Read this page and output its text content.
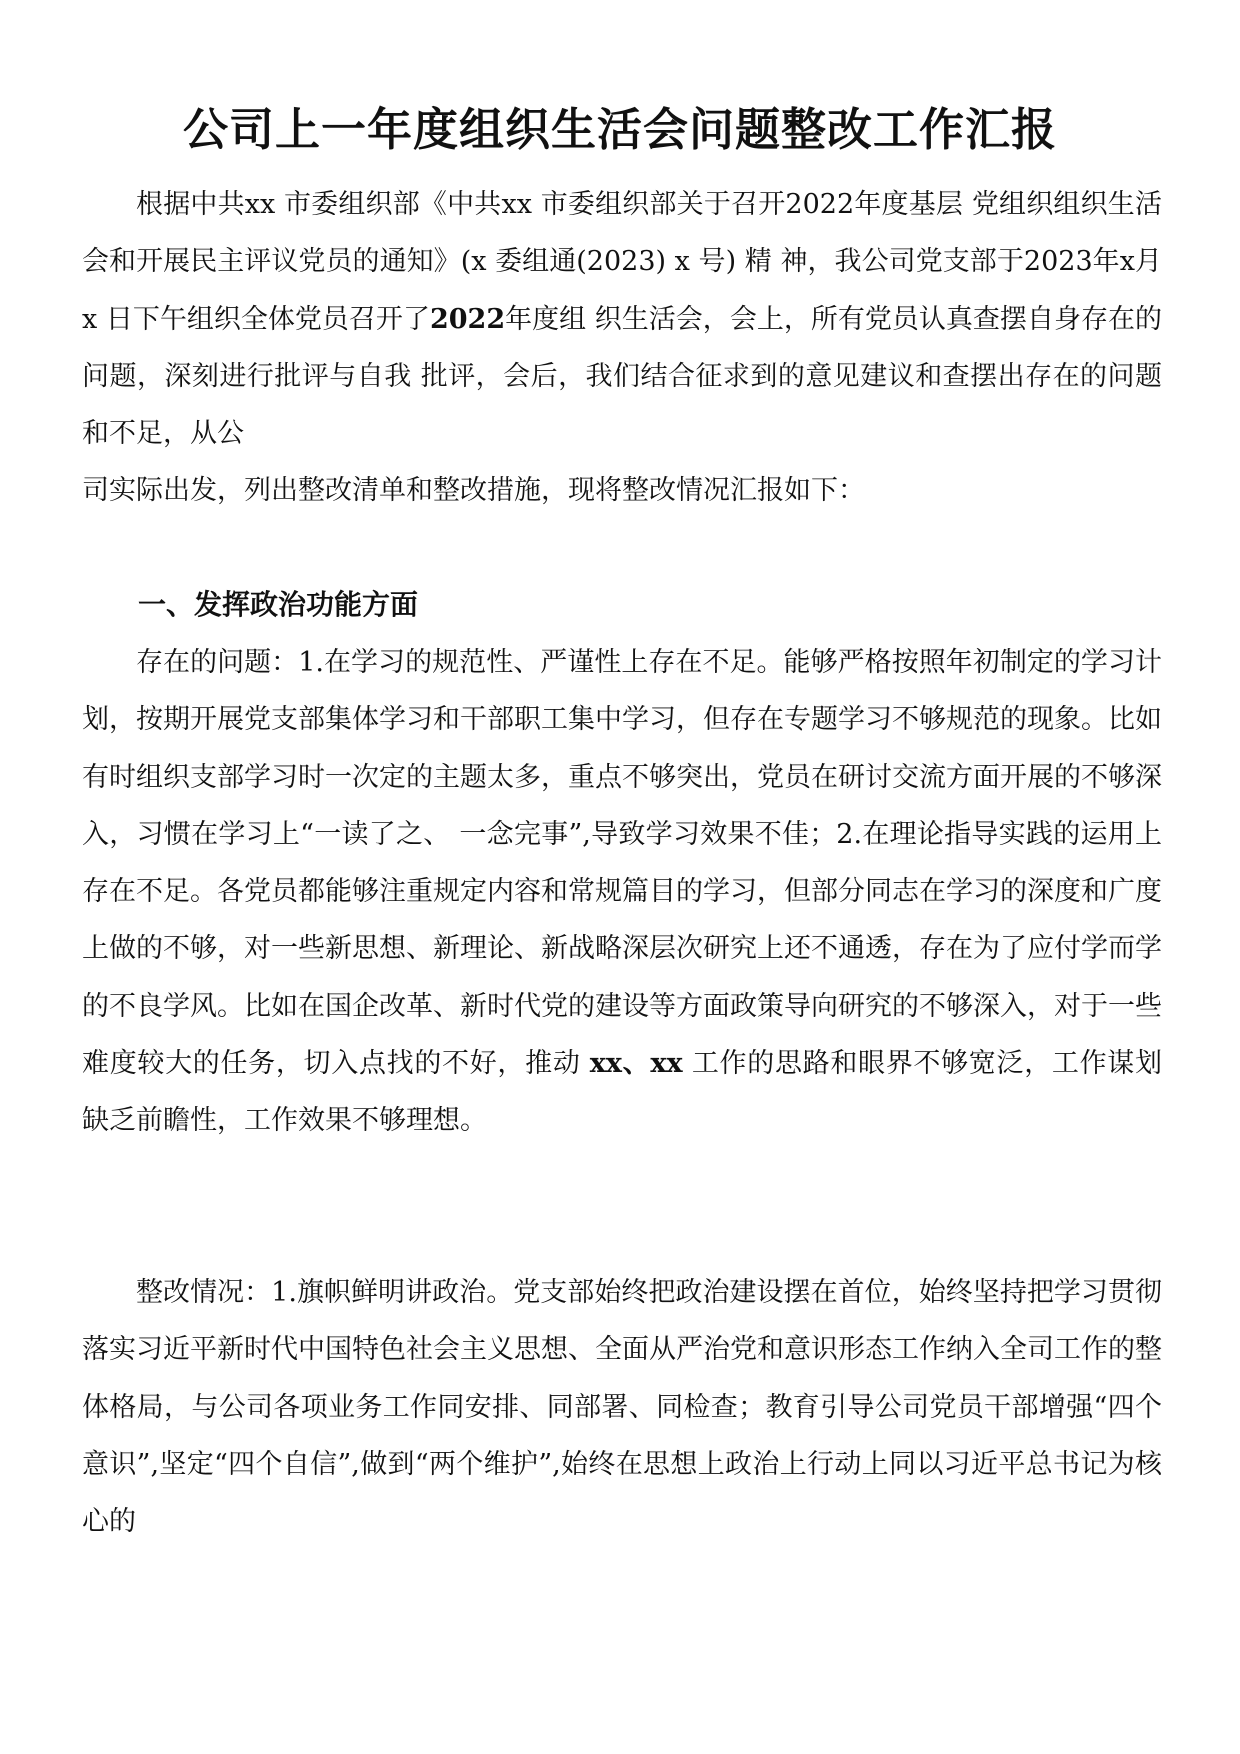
公司上一年度组织生活会问题整改工作汇报

根据中共xx 市委组织部《中共xx 市委组织部关于召开2022年度基层 党组织组织生活会和开展民主评议党员的通知》(x 委组通(2023) x 号) 精 神，我公司党支部于2023年x月 x 日下午组织全体党员召开了2022年度组 织生活会，会上，所有党员认真查摆自身存在的问题，深刻进行批评与自我 批评，会后，我们结合征求到的意见建议和查摆出存在的问题和不足，从公
司实际出发，列出整改清单和整改措施，现将整改情况汇报如下：

一、发挥政治功能方面

存在的问题：1.在学习的规范性、严谨性上存在不足。能够严格按照年初制定的学习计划，按期开展党支部集体学习和干部职工集中学习，但存在专题学习不够规范的现象。比如有时组织支部学习时一次定的主题太多，重点不够突出，党员在研讨交流方面开展的不够深入，习惯在学习上“一读了之、 一念完事”,导致学习效果不佳；2.在理论指导实践的运用上存在不足。各党员都能够注重规定内容和常规篇目的学习，但部分同志在学习的深度和广度上做的不够，对一些新思想、新理论、新战略深层次研究上还不通透，存在为了应付学而学的不良学风。比如在国企改革、新时代党的建设等方面政策导向研究的不够深入，对于一些难度较大的任务，切入点找的不好，推动 xx、xx 工作的思路和眼界不够宽泛，工作谋划缺乏前瞻性，工作效果不够理想。

整改情况：1.旗帜鲜明讲政治。党支部始终把政治建设摆在首位，始终坚持把学习贯彻落实习近平新时代中国特色社会主义思想、全面从严治党和意识形态工作纳入全司工作的整体格局，与公司各项业务工作同安排、同部署、同检查；教育引导公司党员干部增强“四个意识”,坚定“四个自信”,做到“两个维护”,始终在思想上政治上行动上同以习近平总书记为核心的
